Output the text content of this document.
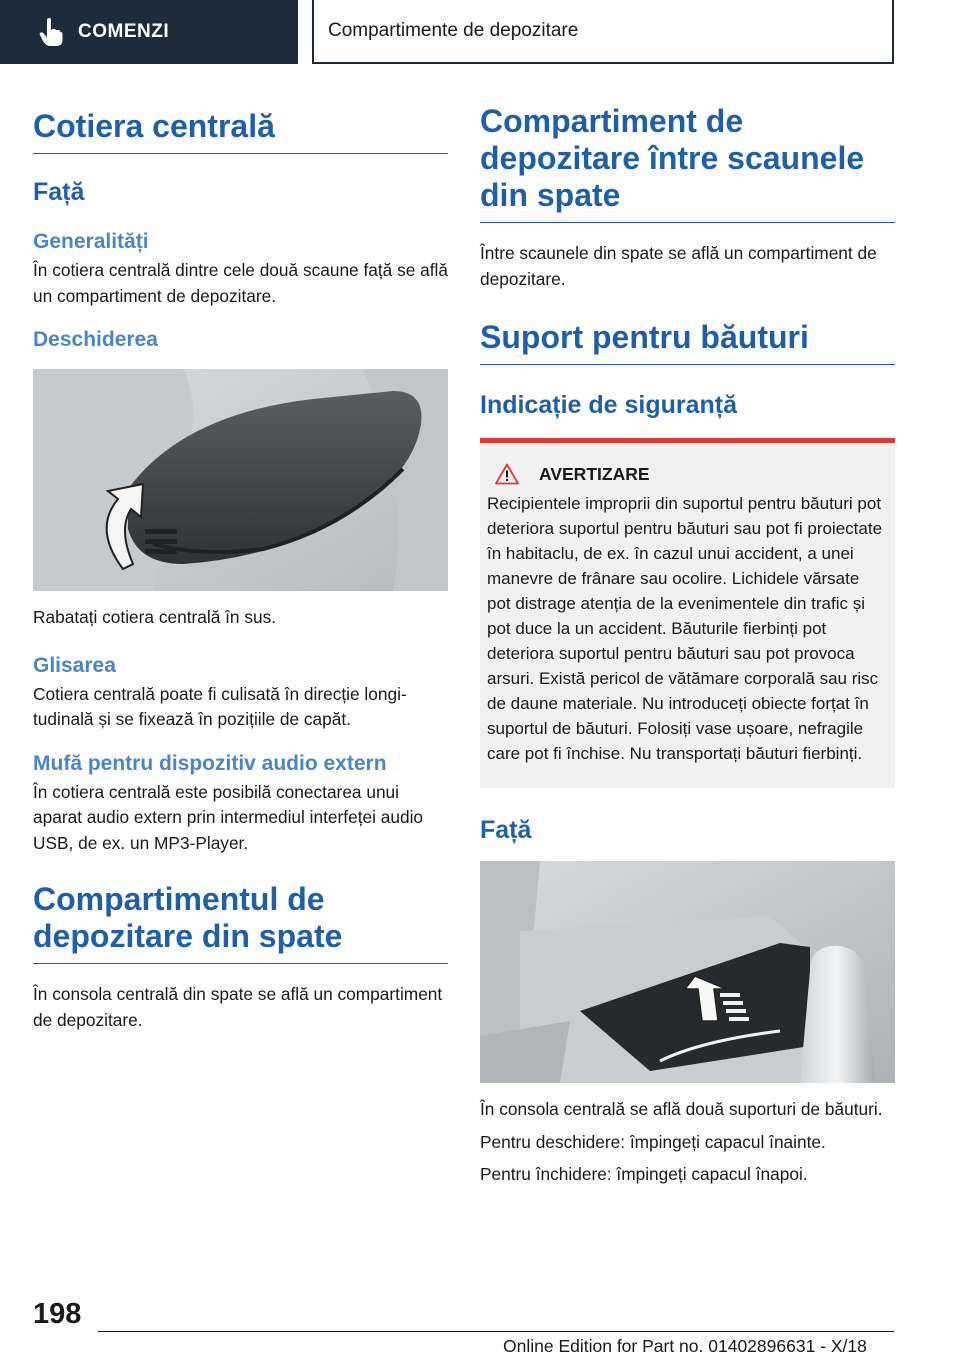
COMENZI	Compartimente de depozitare
Cotiera centrală
Față
Generalități

În cotiera centrală dintre cele două scaune față se află un compartiment de depozitare.

Deschiderea

Rabatați cotiera centrală în sus.

Glisarea

Cotiera centrală poate fi culisată în direcție longitudinală și se fixează în pozițiile de capăt.

Mufă pentru dispozitiv audio extern

În cotiera centrală este posibilă conectarea unui aparat audio extern prin intermediul interfeței audio USB, de ex. un MP3-Player.

Compartimentul de
depozitare din spate

În consola centrală din spate se află un compartiment de depozitare.

Compartiment de
depozitare între scaunele
din spate

Între scaunele din spate se află un compartiment de depozitare.

Suport pentru băuturi
Indicație de siguranță
AVERTIZARE

Recipientele improprii din suportul pentru băuturi pot deteriora suportul pentru băuturi sau pot fi proiectate în habitaclu, de ex. în cazul unui accident, a unei manevre de frânare sau ocolire. Lichidele vărsate pot distrage atenția de la evenimentele din trafic și pot duce la un accident. Băuturile fierbinți pot deteriora suportul pentru băuturi sau pot provoca arsuri. Există pericol de vătămare corporală sau risc de daune materiale. Nu introduceți obiecte forțat în suportul de băuturi. Folosiți vase ușoare, nefragile care pot fi închise. Nu transportați băuturi fierbinți.

Față

În consola centrală se află două suporturi de băuturi.

Pentru deschidere: împingeți capacul înainte.

Pentru închidere: împingeți capacul înapoi.

198
Online Edition for Part no. 01402896631 - X/18
